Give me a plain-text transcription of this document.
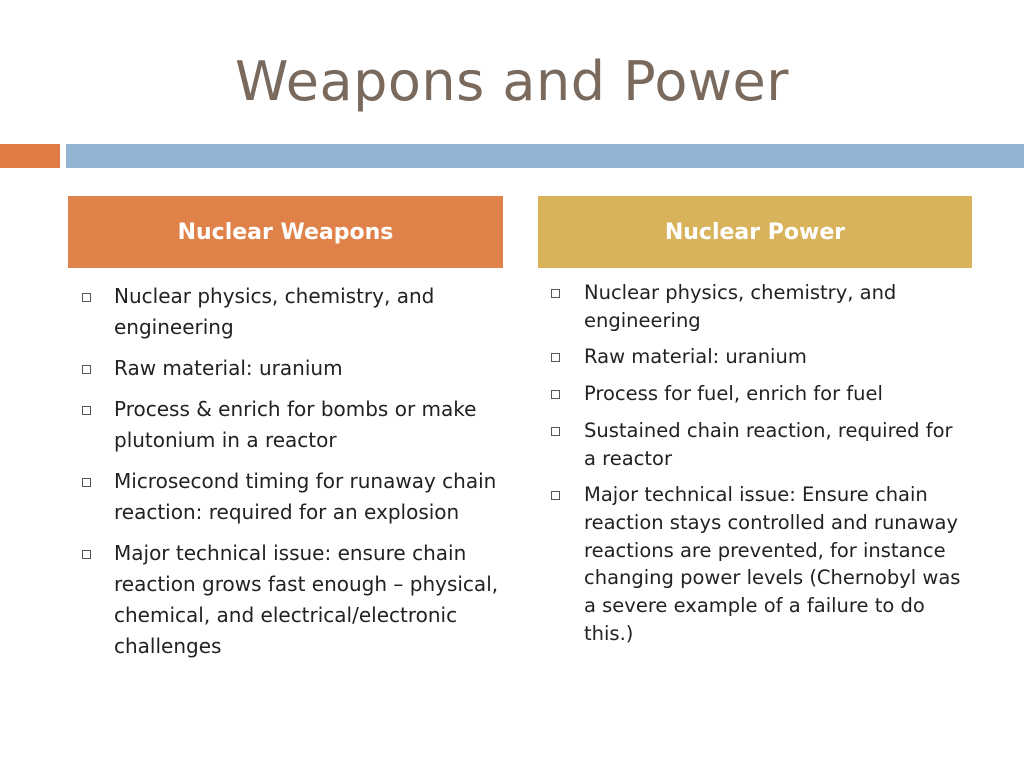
Weapons and Power
Nuclear Weapons	Nuclear Power
Nuclear physics, chemistry, and engineering
Raw material: uranium
Process & enrich for bombs or make plutonium in a reactor
Microsecond timing for runaway chain reaction: required for an explosion
Major technical issue: ensure chain reaction grows fast enough – physical, chemical, and electrical/electronic challenges
Nuclear physics, chemistry, and engineering
Raw material: uranium
Process for fuel, enrich for fuel
Sustained chain reaction, required for a reactor
Major technical issue: Ensure chain reaction stays controlled and runaway reactions are prevented, for instance changing power levels (Chernobyl was a severe example of a failure to do this.)
